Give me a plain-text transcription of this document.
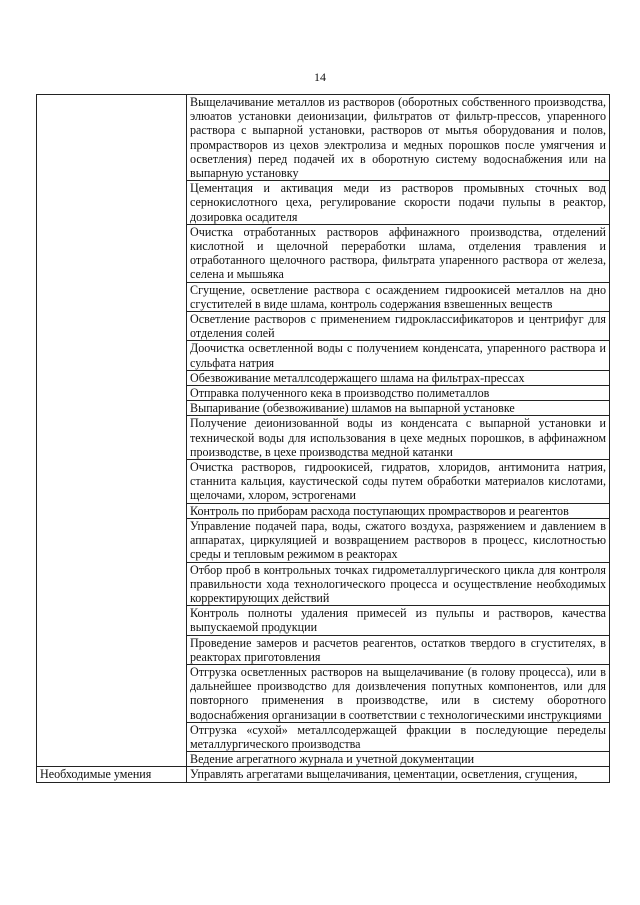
14
	Выщелачивание металлов из растворов (оборотных собственного производства, элюатов установки деионизации, фильтратов от фильтр-прессов, упаренного раствора с выпарной установки, растворов от мытья оборудования и полов, промрастворов из цехов электролиза и медных порошков после умягчения и осветления) перед подачей их в оборотную систему водоснабжения или на выпарную установку
	Цементация и активация меди из растворов промывных сточных вод сернокислотного цеха, регулирование скорости подачи пульпы в реактор, дозировка осадителя
	Очистка отработанных растворов аффинажного производства, отделений кислотной и щелочной переработки шлама, отделения травления и отработанного щелочного раствора, фильтрата упаренного раствора от железа, селена и мышьяка
	Сгущение, осветление раствора с осаждением гидроокисей металлов на дно сгустителей в виде шлама, контроль содержания взвешенных веществ
	Осветление растворов с применением гидроклассификаторов и центрифуг для отделения солей
	Доочистка осветленной воды с получением конденсата, упаренного раствора и сульфата натрия
	Обезвоживание металлсодержащего шлама на фильтрах-прессах
	Отправка полученного кека в производство полиметаллов
	Выпаривание (обезвоживание) шламов на выпарной установке
	Получение деионизованной воды из конденсата с выпарной установки и технической воды для использования в цехе медных порошков, в аффинажном производстве, в цехе производства медной катанки
	Очистка растворов, гидроокисей, гидратов, хлоридов, антимонита натрия, станнита кальция, каустической соды путем обработки материалов кислотами, щелочами, хлором, эстрогенами
	Контроль по приборам расхода поступающих промрастворов и реагентов
	Управление подачей пара, воды, сжатого воздуха, разряжением и давлением в аппаратах, циркуляцией и возвращением растворов в процесс, кислотностью среды и тепловым режимом в реакторах
	Отбор проб в контрольных точках гидрометаллургического цикла для контроля правильности хода технологического процесса и осуществление необходимых корректирующих действий
	Контроль полноты удаления примесей из пульпы и растворов, качества выпускаемой продукции
	Проведение замеров и расчетов реагентов, остатков твердого в сгустителях, в реакторах приготовления
	Отгрузка осветленных растворов на выщелачивание (в голову процесса), или в дальнейшее производство для доизвлечения попутных компонентов, или для повторного применения в производстве, или в систему оборотного водоснабжения организации в соответствии с технологическими инструкциями
	Отгрузка «сухой» металлсодержащей фракции в последующие переделы металлургического производства
	Ведение агрегатного журнала и учетной документации
Необходимые умения	Управлять агрегатами выщелачивания, цементации, осветления, сгущения,
